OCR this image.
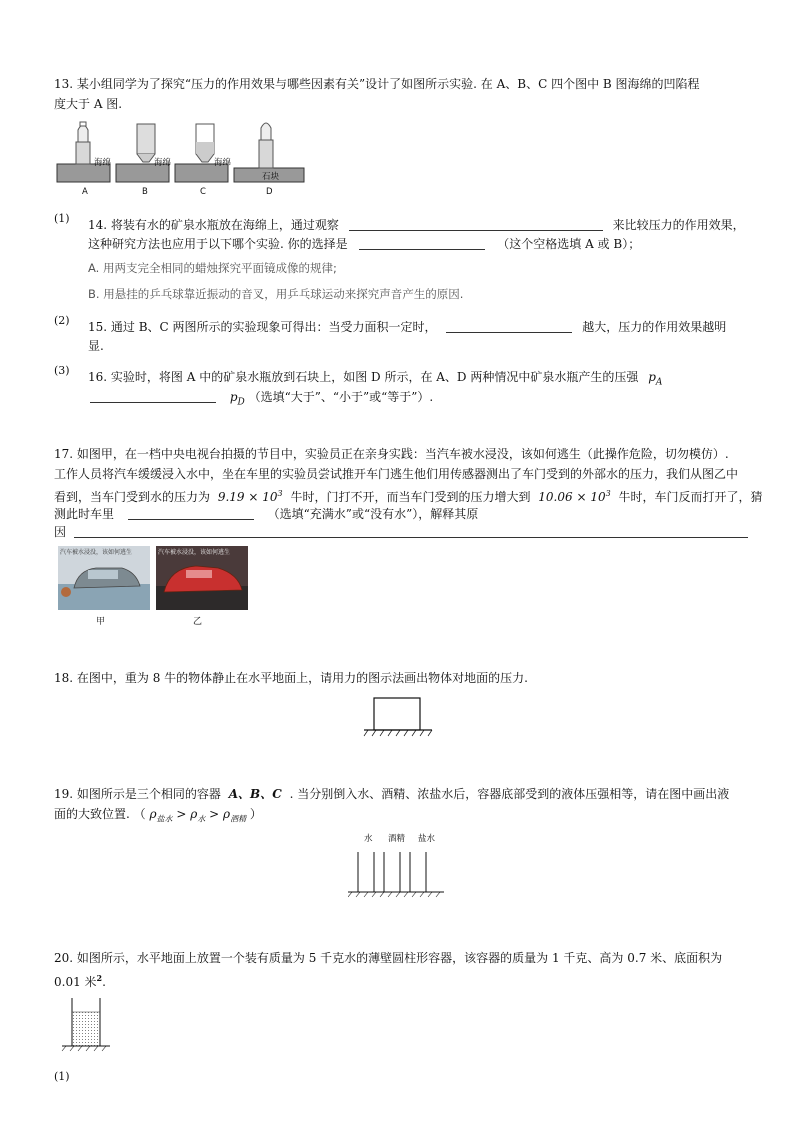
13. 某小组同学为了探究“压力的作用效果与哪些因素有关”设计了如图所示实验. 在 A、B、C 四个图中 B 图海绵的凹陷程
度大于 A 图.
海绵	海绵	海绵
石块
A	B	C	D
(1) 14. 将装有水的矿泉水瓶放在海绵上，通过观察	来比较压力的作用效果，
这种研究方法也应用于以下哪个实验. 你的选择是	（这个空格选填 A 或 B）；
A. 用两支完全相同的蜡烛探究平面镜成像的规律;
B. 用悬挂的乒乓球靠近振动的音叉，用乒乓球运动来探究声音产生的原因.
(2) 15. 通过 B、C 两图所示的实验现象可得出：当受力面积一定时，	越大，压力的作用效果越明
显.
(3) 16. 实验时，将图 A 中的矿泉水瓶放到石块上，如图 D 所示，在 A、D 两种情况中矿泉水瓶产生的压强 $p_A$
$p_D$ （选填“大于”、“小于”或“等于”）.
17. 如图甲，在一档中央电视台拍摄的节目中，实验员正在亲身实践：当汽车被水浸没，该如何逃生（此操作危险，切勿模仿）.
工作人员将汽车缓缓浸入水中，坐在车里的实验员尝试推开车门逃生他们用传感器测出了车门受到的外部水的压力，我们从图乙中
看到，当车门受到水的压力为 $9.19 \times 10^3$ 牛时，门打不开，而当车门受到的压力增大到 $10.06 \times 10^3$ 牛时，车门反而打开了，猜
测此时车里	（选填“充满水”或“没有水”），解释其原
因
汽车被水浸没，该如何逃生	汽车被水浸没，该如何逃生
甲	乙
18. 在图中，重为 8 牛的物体静止在水平地面上，请用力的图示法画出物体对地面的压力.
19. 如图所示是三个相同的容器 A、B、C . 当分别倒入水、酒精、浓盐水后，容器底部受到的液体压强相等，请在图中画出液
面的大致位置. （ $\rho_{盐水} > \rho_水 > \rho_{酒精}$ ）
水 酒精 盐水
20. 如图所示，水平地面上放置一个装有质量为 5 千克水的薄壁圆柱形容器，该容器的质量为 1 千克、高为 0.7 米、底面积为
0.01 米$^2$.
(1)
